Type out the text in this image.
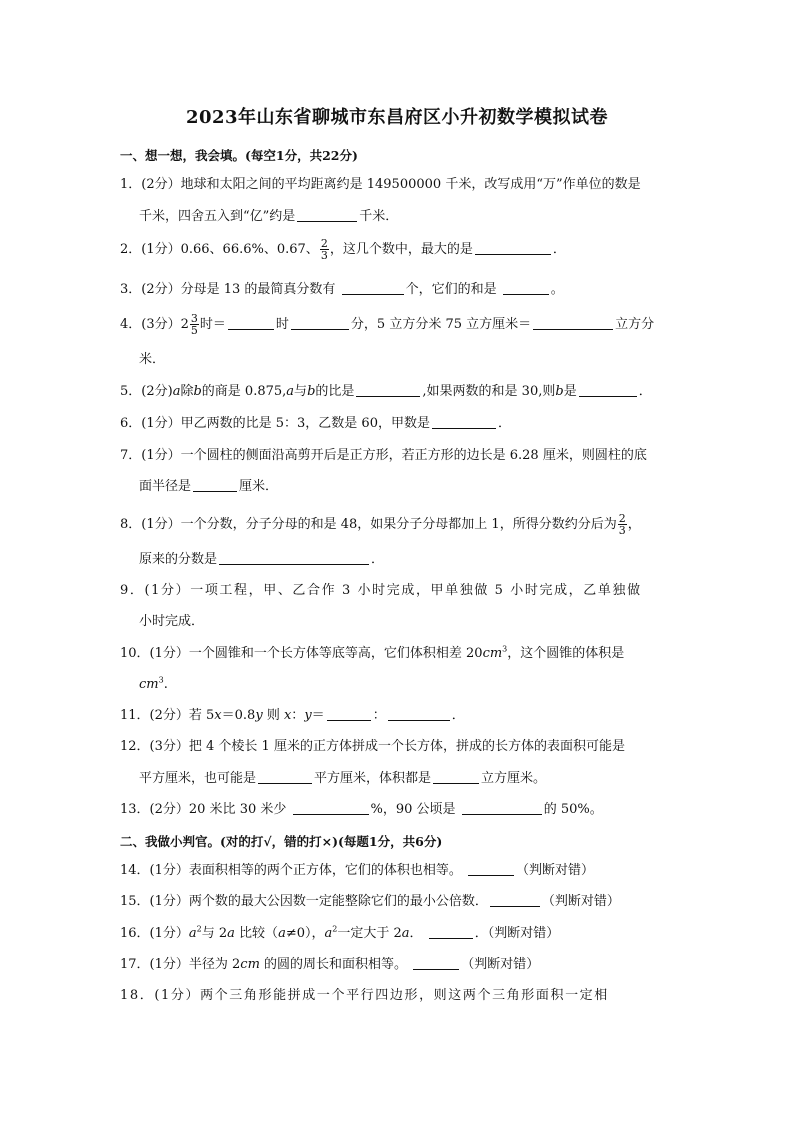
2023年山东省聊城市东昌府区小升初数学模拟试卷
一、想一想，我会填。(每空1分，共22分)
1．(2分）地球和太阳之间的平均距离约是 149500000 千米，改写成用“万”作单位的数是
千米，四舍五入到“亿”约是	千米．
2．(1分）0.66、66.6%、0.67、 $\frac{2}{3}$ ，这几个数中，最大的是	．
3．(2分）分母是 13 的最简真分数有	个，它们的和是	。
4．(3分）$2 \frac{3}{5}$ 时＝	时	分，5 立方分米 75 立方厘米＝	立方分
米．
5．(2分)a除b的商是 0.875,a与b的比是	,如果两数的和是 30,则b是	．
6．(1分）甲乙两数的比是 5：3，乙数是 60，甲数是	．
7．(1分）一个圆柱的侧面沿高剪开后是正方形，若正方形的边长是 6.28 厘米，则圆柱的底
面半径是	厘米．
8．(1分）一个分数，分子分母的和是 48，如果分子分母都加上 1，所得分数约分后为 $\frac{2}{3}$ ，
原来的分数是	．
9．(1分）一项工程，甲、乙合作 3 小时完成，甲单独做 5 小时完成，乙单独做
小时完成．
10．(1分）一个圆锥和一个长方体等底等高，它们体积相差 $20cm^3$，这个圆锥的体积是
$cm^3$.
11．(2分）若 5x＝0.8y 则 x：y＝	：	．
12．(3分）把 4 个棱长 1 厘米的正方体拼成一个长方体，拼成的长方体的表面积可能是
平方厘米，也可能是	平方厘米，体积都是	立方厘米。
13．(2分）20 米比 30 米少	%，90 公顷是	的 50%。
二、我做小判官。(对的打√，错的打×)(每题1分，共6分)
14．(1分）表面积相等的两个正方体，它们的体积也相等。	（判断对错）
15．(1分）两个数的最大公因数一定能整除它们的最小公倍数．	（判断对错）
16．(1分）$a^2$与 2a 比较（a≠0），$a^2$一定大于 2a．	．（判断对错）
17．(1分）半径为 2cm 的圆的周长和面积相等。	（判断对错）
18．(1分）两个三角形能拼成一个平行四边形，则这两个三角形面积一定相
